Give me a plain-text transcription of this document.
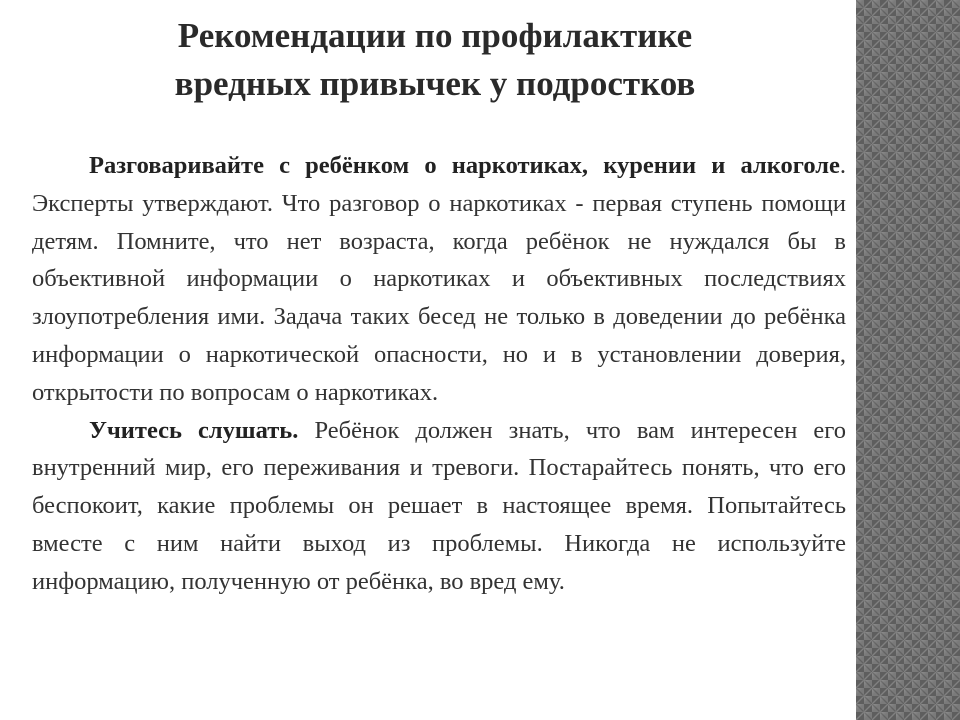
Рекомендации по профилактике
вредных привычек у подростков

Разговаривайте с ребёнком о наркотиках, курении и алкоголе. Эксперты утверждают. Что разговор о наркотиках - первая ступень помощи детям. Помните, что нет возраста, когда ребёнок не нуждался бы в объективной информации о наркотиках и объективных последствиях злоупотребления ими. Задача таких бесед не только в доведении до ребёнка информации о наркотической опасности, но и в установлении доверия, открытости по вопросам о наркотиках.

Учитесь слушать. Ребёнок должен знать, что вам интересен его внутренний мир, его переживания и тревоги. Постарайтесь понять, что его беспокоит, какие проблемы он решает в настоящее время. Попытайтесь вместе с ним найти выход из проблемы. Никогда не используйте информацию, полученную от ребёнка, во вред ему.
